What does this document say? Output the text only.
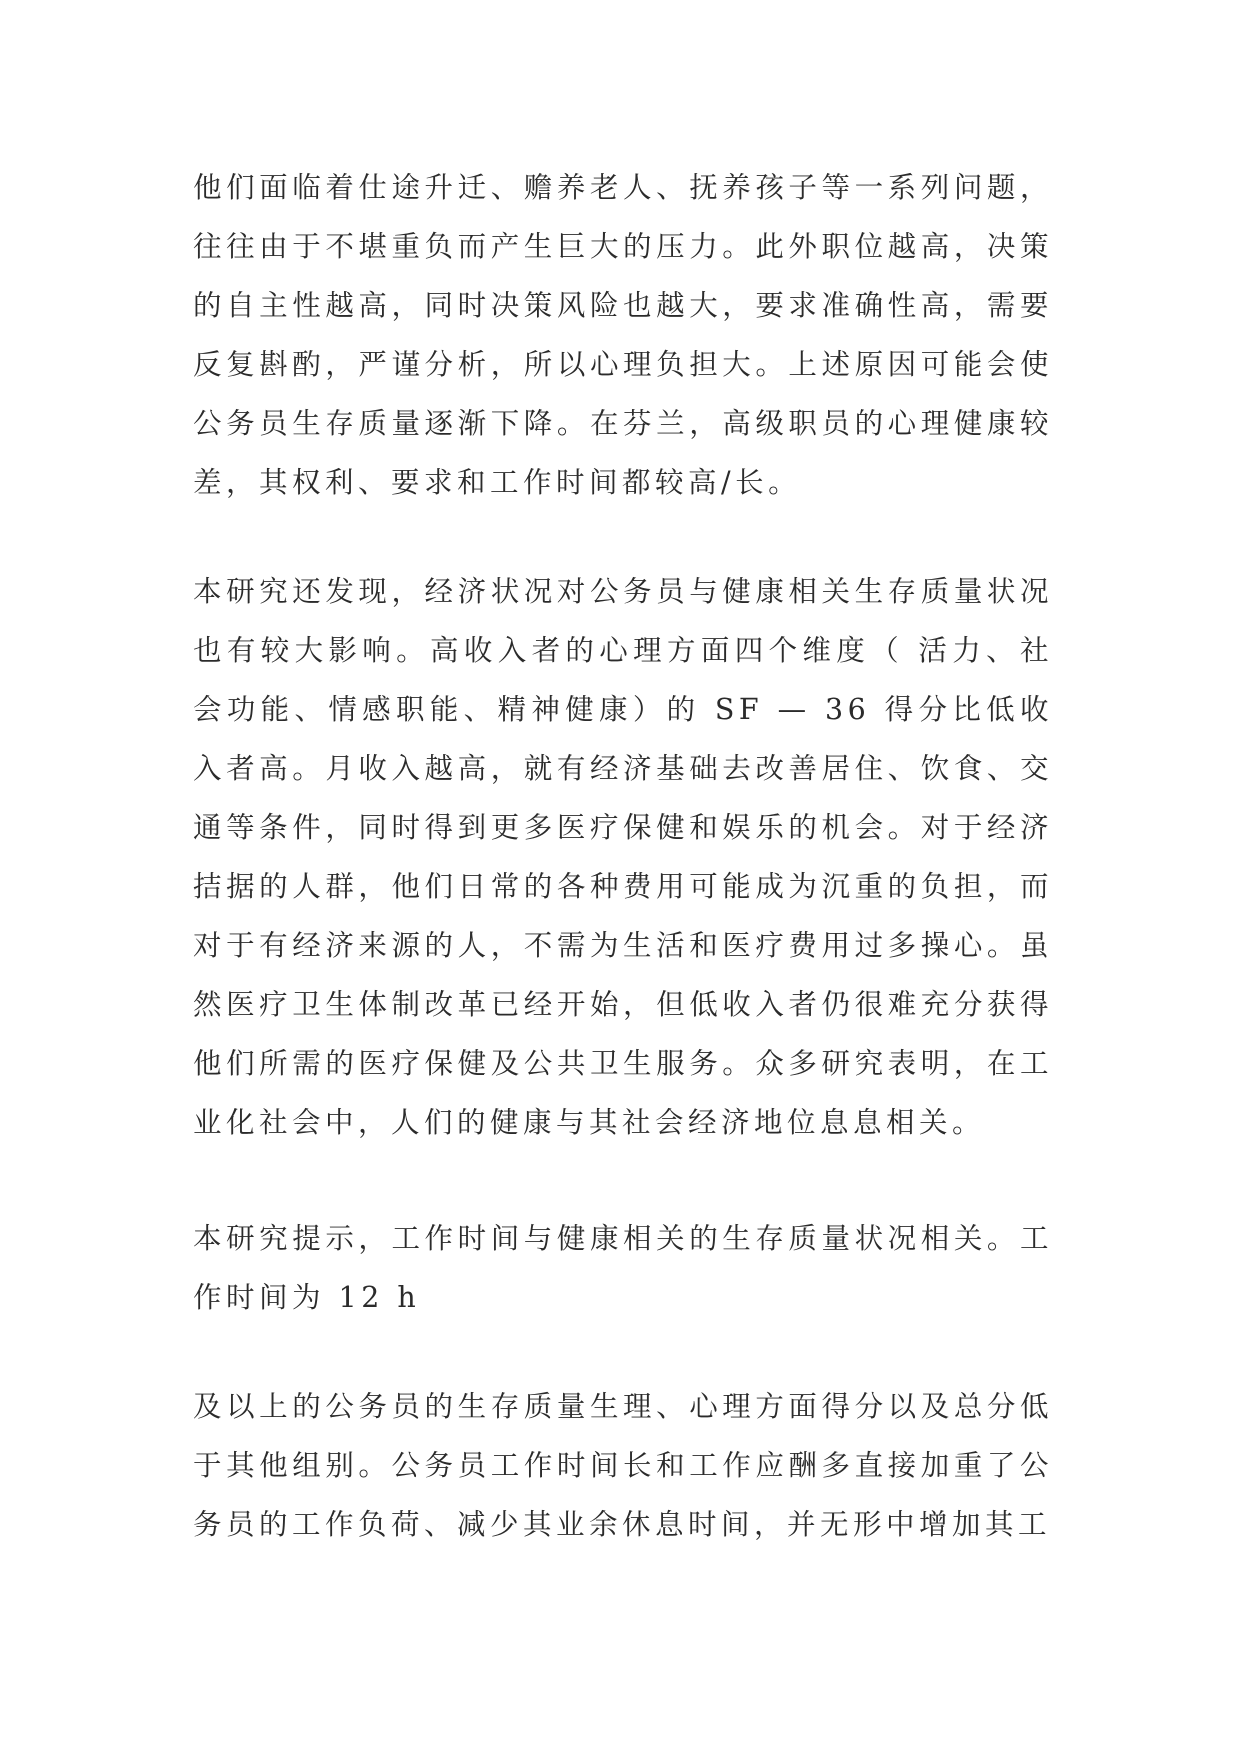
他们面临着仕途升迁、赡养老人、抚养孩子等一系列问题，往往由于不堪重负而产生巨大的压力。此外职位越高，决策的自主性越高，同时决策风险也越大，要求准确性高，需要反复斟酌，严谨分析，所以心理负担大。上述原因可能会使公务员生存质量逐渐下降。在芬兰，高级职员的心理健康较差，其权利、要求和工作时间都较高/长。

本研究还发现，经济状况对公务员与健康相关生存质量状况也有较大影响。高收入者的心理方面四个维度（ 活力、社会功能、情感职能、精神健康）的 SF — 36 得分比低收入者高。月收入越高，就有经济基础去改善居住、饮食、交通等条件，同时得到更多医疗保健和娱乐的机会。对于经济拮据的人群，他们日常的各种费用可能成为沉重的负担，而对于有经济来源的人，不需为生活和医疗费用过多操心。虽然医疗卫生体制改革已经开始，但低收入者仍很难充分获得他们所需的医疗保健及公共卫生服务。众多研究表明，在工业化社会中，人们的健康与其社会经济地位息息相关。

本研究提示，工作时间与健康相关的生存质量状况相关。工作时间为 12 h

及以上的公务员的生存质量生理、心理方面得分以及总分低于其他组别。公务员工作时间长和工作应酬多直接加重了公务员的工作负荷、减少其业余休息时间，并无形中增加其工
